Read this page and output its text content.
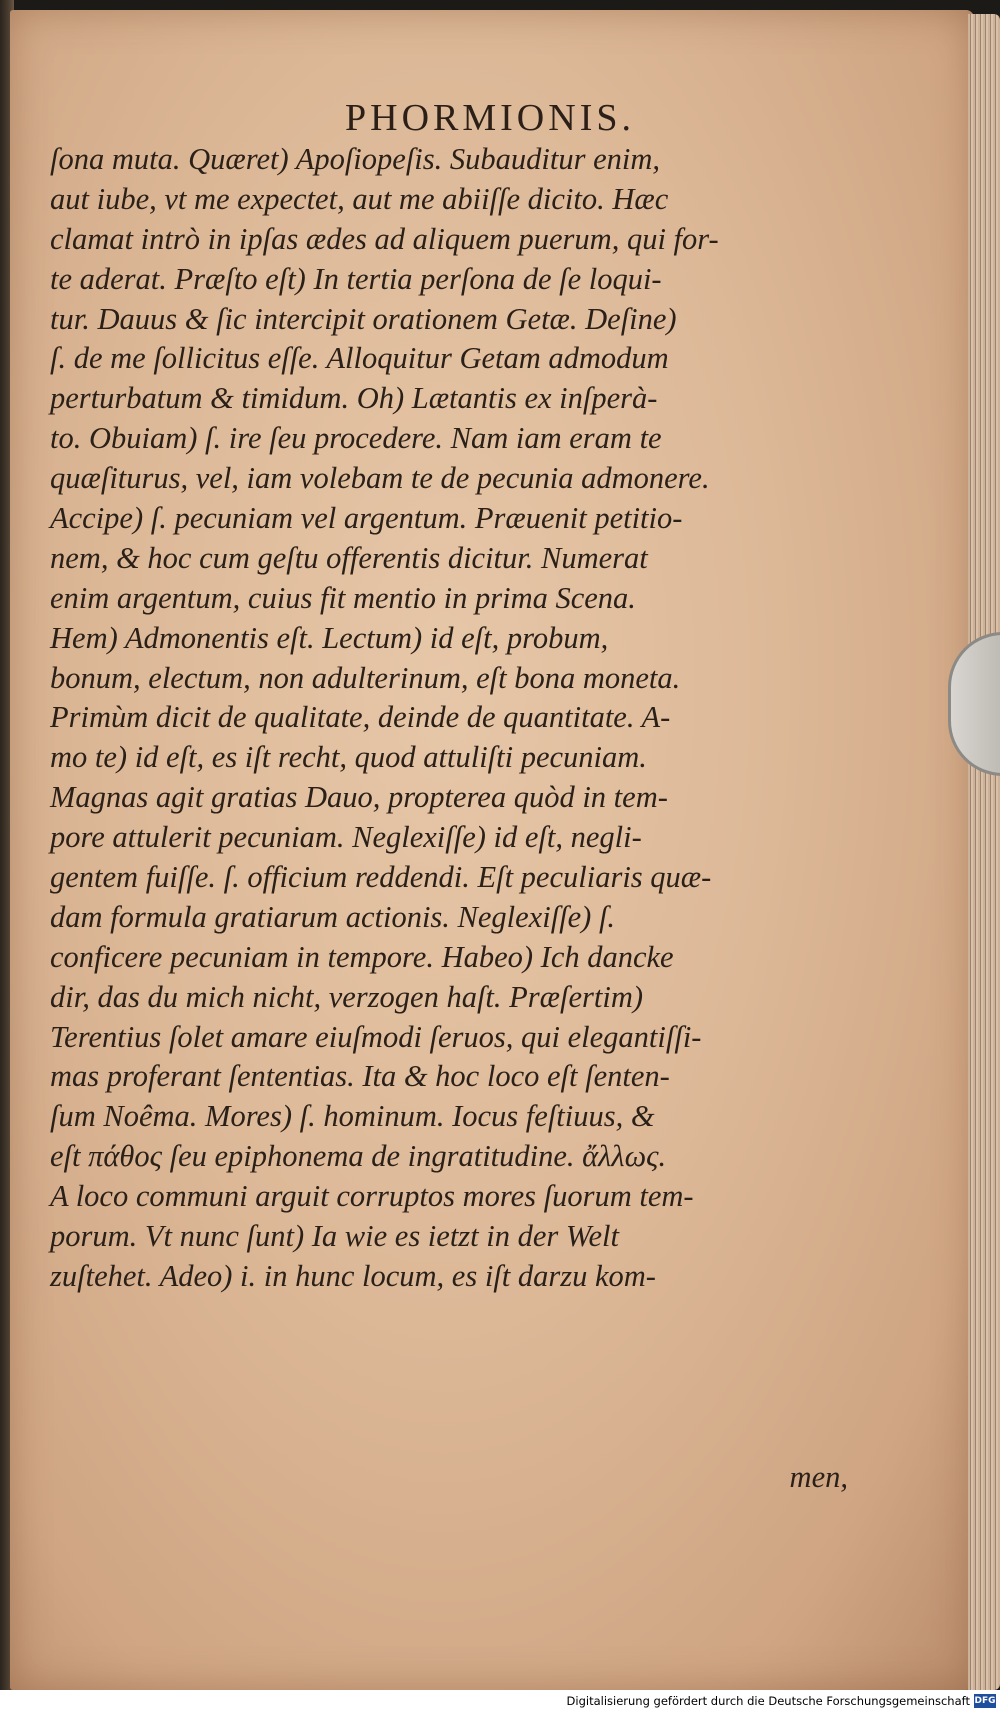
PHORMIONIS.
ſona muta. Quæret) Apoſiopeſis. Subauditur enim,
aut iube, vt me expectet, aut me abiiſſe dicito. Hæc
clamat intrò in ipſas ædes ad aliquem puerum, qui for-
te aderat. Præſto eſt) In tertia perſona de ſe loqui-
tur. Dauus & ſic intercipit orationem Getæ. Deſine)
ſ. de me ſollicitus eſſe. Alloquitur Getam admodum
perturbatum & timidum. Oh) Lætantis ex inſperà-
to. Obuiam) ſ. ire ſeu procedere. Nam iam eram te
quæſiturus, vel, iam volebam te de pecunia admonere.
Accipe) ſ. pecuniam vel argentum. Præuenit petitio-
nem, & hoc cum geſtu offerentis dicitur. Numerat
enim argentum, cuius fit mentio in prima Scena.
Hem) Admonentis eſt. Lectum) id eſt, probum,
bonum, electum, non adulterinum, eſt bona moneta.
Primùm dicit de qualitate, deinde de quantitate. A-
mo te) id eſt, es iſt recht, quod attuliſti pecuniam.
Magnas agit gratias Dauo, propterea quòd in tem-
pore attulerit pecuniam. Neglexiſſe) id eſt, negli-
gentem fuiſſe. ſ. officium reddendi. Eſt peculiaris quæ-
dam formula gratiarum actionis. Neglexiſſe) ſ.
conficere pecuniam in tempore. Habeo) Ich dancke
dir, das du mich nicht, verzogen haſt. Præſertim)
Terentius ſolet amare eiuſmodi ſeruos, qui elegantiſſi-
mas proferant ſententias. Ita & hoc loco eſt ſenten-
ſum Noêma. Mores) ſ. hominum. Iocus feſtiuus, &
eſt πάθος ſeu epiphonema de ingratitudine. ἄλλως.
A loco communi arguit corruptos mores ſuorum tem-
porum. Vt nunc ſunt) Ia wie es ietzt in der Welt
zuſtehet. Adeo) i. in hunc locum, es iſt darzu kom-
men,
Digitalisierung gefördert durch die Deutsche Forschungsgemeinschaft DFG
